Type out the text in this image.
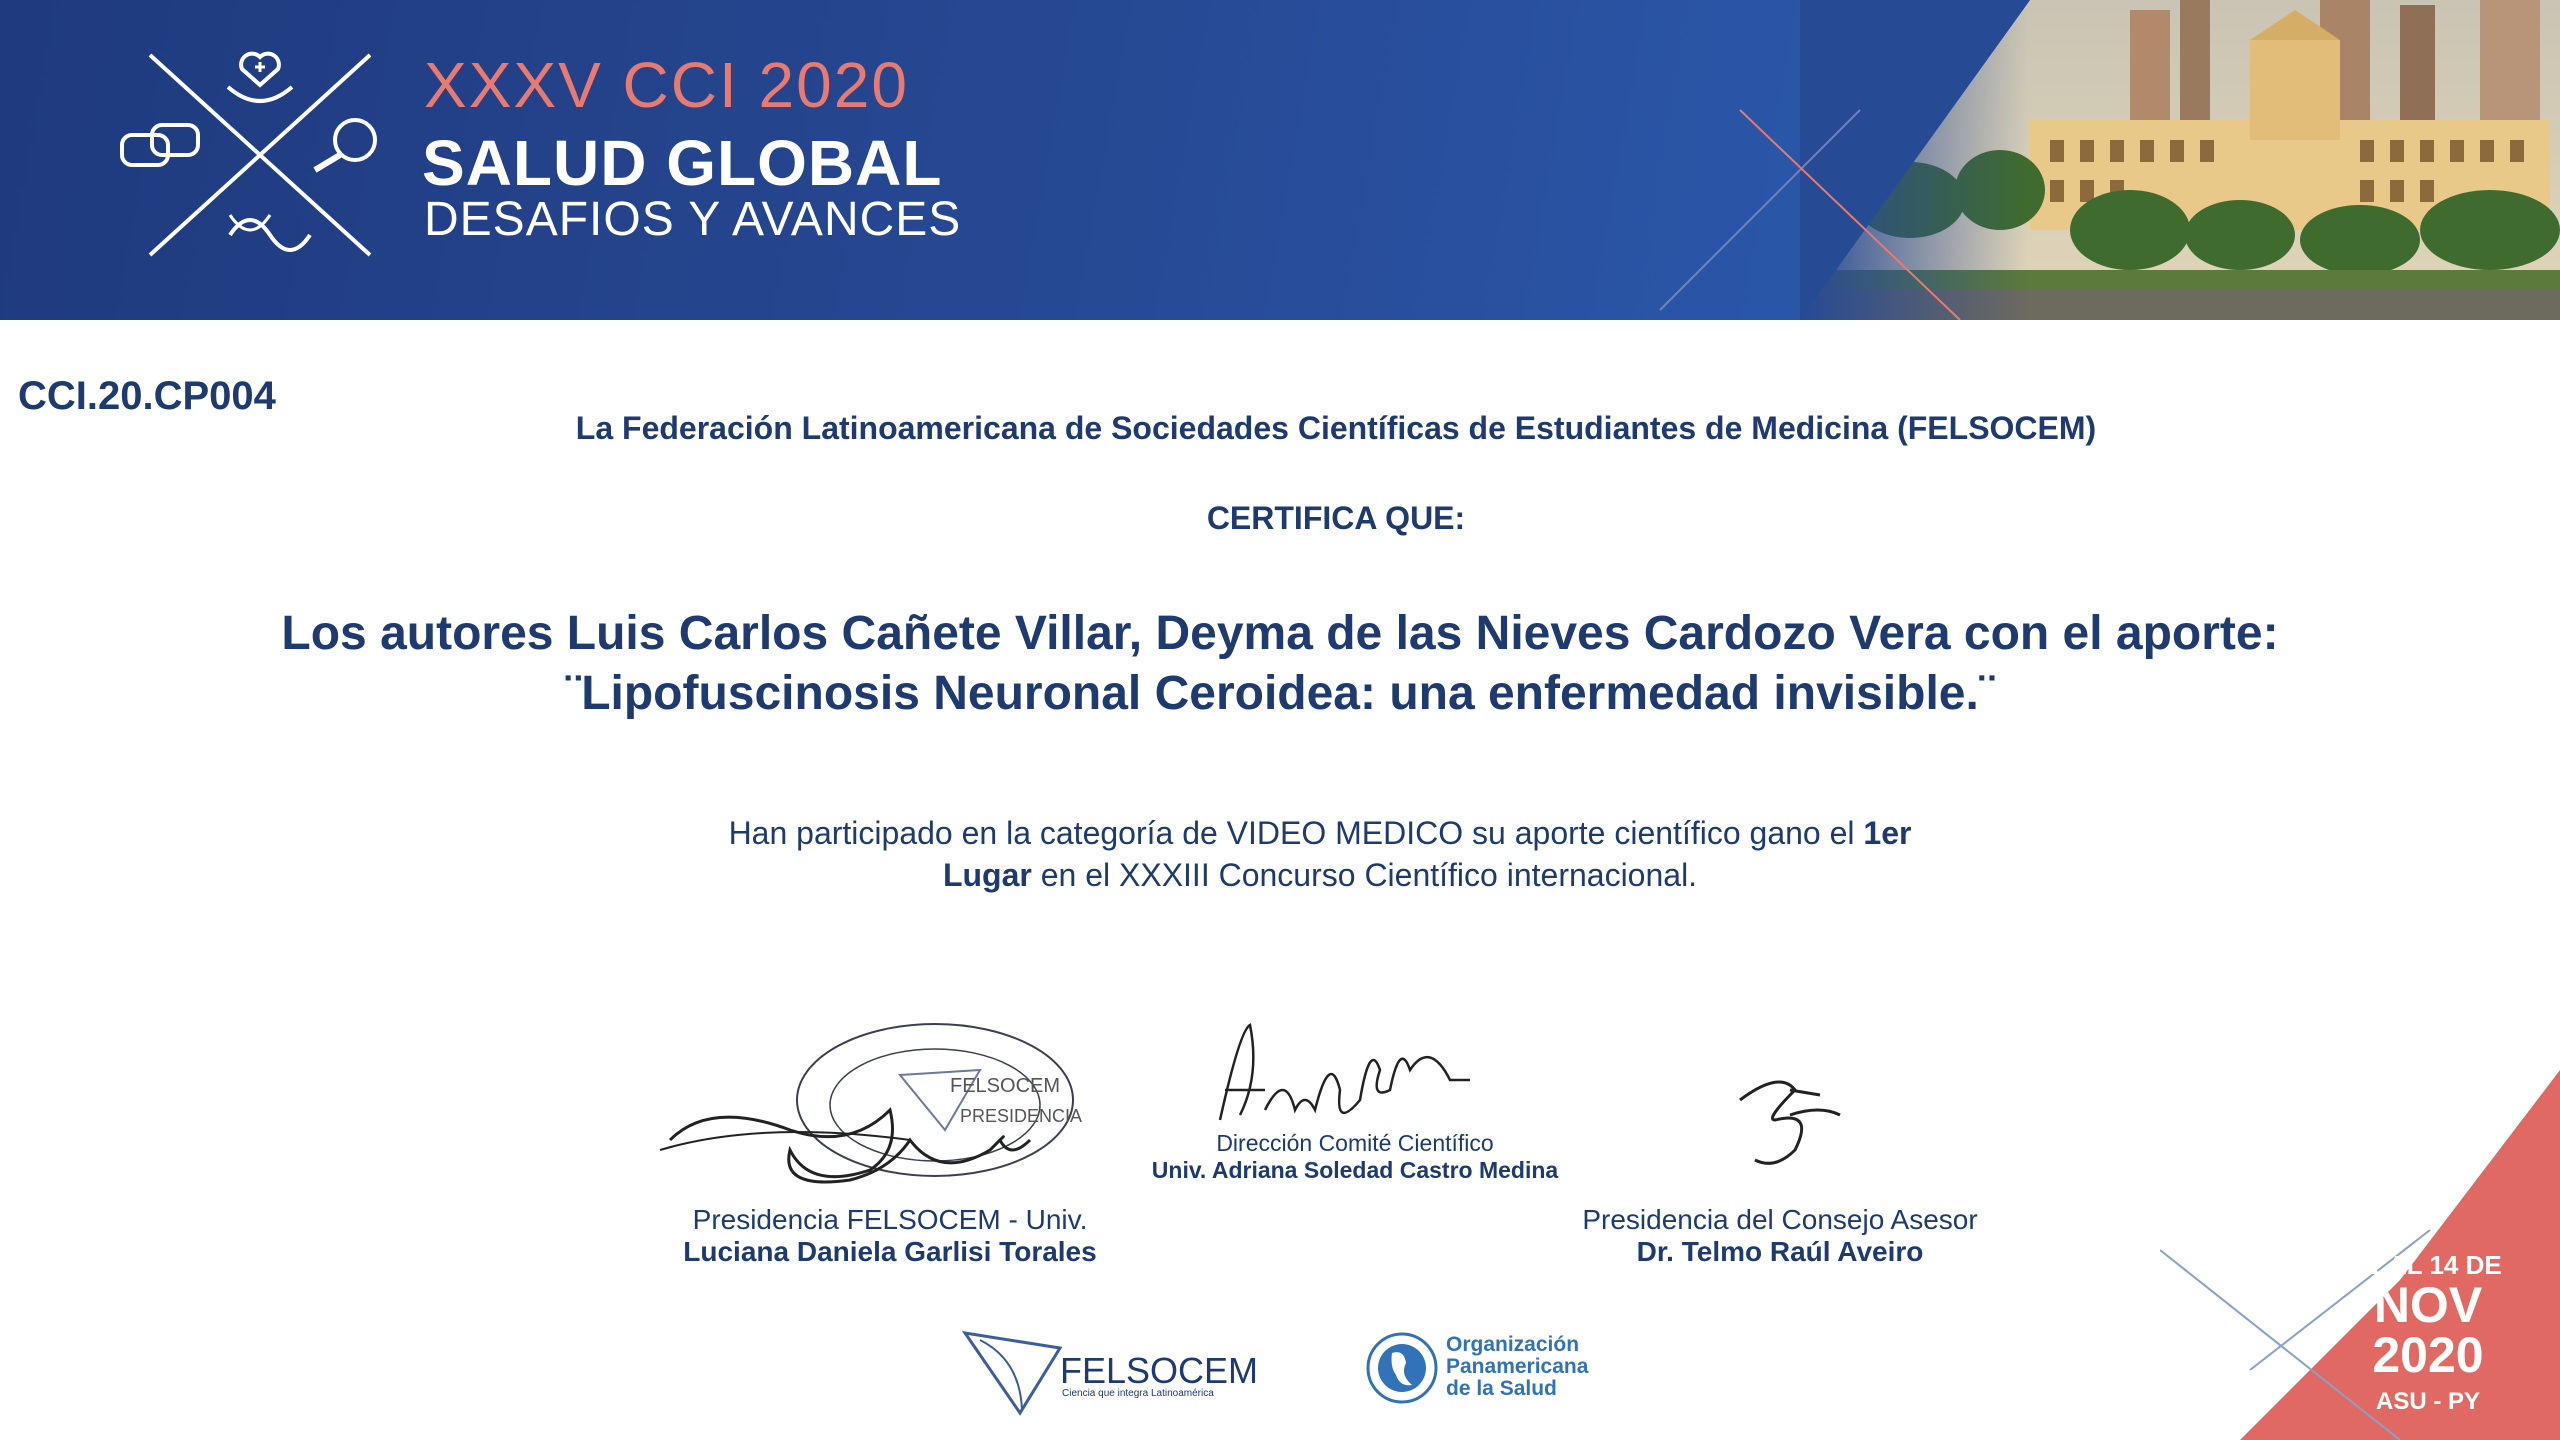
XXXV CCI 2020
SALUD GLOBAL
DESAFIOS Y AVANCES
CCI.20.CP004
La Federación Latinoamericana de Sociedades Científicas de Estudiantes de Medicina (FELSOCEM)
CERTIFICA QUE:
Los autores Luis Carlos Cañete Villar, Deyma de las Nieves Cardozo Vera con el aporte:
¨Lipofuscinosis Neuronal Ceroidea: una enfermedad invisible.¨
Han participado en la categoría de VIDEO MEDICO su aporte científico gano el 1er
Lugar en el XXXIII Concurso Científico internacional.
FELSOCEM
PRESIDENCIA
Presidencia FELSOCEM - Univ.
Luciana Daniela Garlisi Torales
Dirección Comité Científico
Univ. Adriana Soledad Castro Medina
Presidencia del Consejo Asesor
Dr. Telmo Raúl Aveiro
FELSOCEM
Ciencia que integra Latinoamérica
Organización
Panamericana
de la Salud
11 AL 14 DE
NOV
2020
ASU - PY
